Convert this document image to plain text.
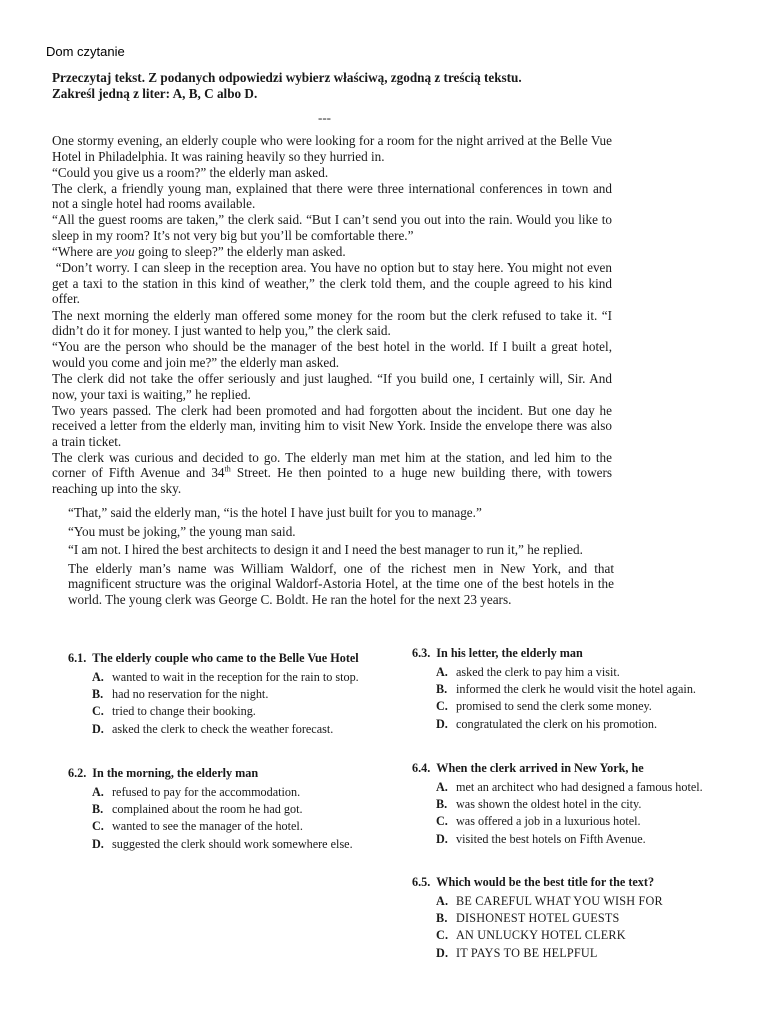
Dom czytanie
Przeczytaj tekst. Z podanych odpowiedzi wybierz właściwą, zgodną z treścią tekstu.
Zakreśl jedną z liter: A, B, C albo D.
---

One stormy evening, an elderly couple who were looking for a room for the night arrived at the Belle Vue Hotel in Philadelphia. It was raining heavily so they hurried in.

“Could you give us a room?” the elderly man asked.

The clerk, a friendly young man, explained that there were three international conferences in town and not a single hotel had rooms available.

“All the guest rooms are taken,” the clerk said. “But I can’t send you out into the rain. Would you like to sleep in my room? It’s not very big but you’ll be comfortable there.”

“Where are you going to sleep?” the elderly man asked.

“Don’t worry. I can sleep in the reception area. You have no option but to stay here. You might not even get a taxi to the station in this kind of weather,” the clerk told them, and the couple agreed to his kind offer.

The next morning the elderly man offered some money for the room but the clerk refused to take it. “I didn’t do it for money. I just wanted to help you,” the clerk said.

“You are the person who should be the manager of the best hotel in the world. If I built a great hotel, would you come and join me?” the elderly man asked.

The clerk did not take the offer seriously and just laughed. “If you build one, I certainly will, Sir. And now, your taxi is waiting,” he replied.

Two years passed. The clerk had been promoted and had forgotten about the incident. But one day he received a letter from the elderly man, inviting him to visit New York. Inside the envelope there was also a train ticket.

The clerk was curious and decided to go. The elderly man met him at the station, and led him to the corner of Fifth Avenue and 34th Street. He then pointed to a huge new building there, with towers reaching up into the sky.

“That,” said the elderly man, “is the hotel I have just built for you to manage.”

“You must be joking,” the young man said.

“I am not. I hired the best architects to design it and I need the best manager to run it,” he replied.

The elderly man’s name was William Waldorf, one of the richest men in New York, and that magnificent structure was the original Waldorf-Astoria Hotel, at the time one of the best hotels in the world. The young clerk was George C. Boldt. He ran the hotel for the next 23 years.

6.1. The elderly couple who came to the Belle Vue Hotel
A. wanted to wait in the reception for the rain to stop.
B. had no reservation for the night.
C. tried to change their booking.
D. asked the clerk to check the weather forecast.
6.2. In the morning, the elderly man
A. refused to pay for the accommodation.
B. complained about the room he had got.
C. wanted to see the manager of the hotel.
D. suggested the clerk should work somewhere else.
6.3. In his letter, the elderly man
A. asked the clerk to pay him a visit.
B. informed the clerk he would visit the hotel again.
C. promised to send the clerk some money.
D. congratulated the clerk on his promotion.
6.4. When the clerk arrived in New York, he
A. met an architect who had designed a famous hotel.
B. was shown the oldest hotel in the city.
C. was offered a job in a luxurious hotel.
D. visited the best hotels on Fifth Avenue.
6.5. Which would be the best title for the text?
A. BE CAREFUL WHAT YOU WISH FOR
B. DISHONEST HOTEL GUESTS
C. AN UNLUCKY HOTEL CLERK
D. IT PAYS TO BE HELPFUL
